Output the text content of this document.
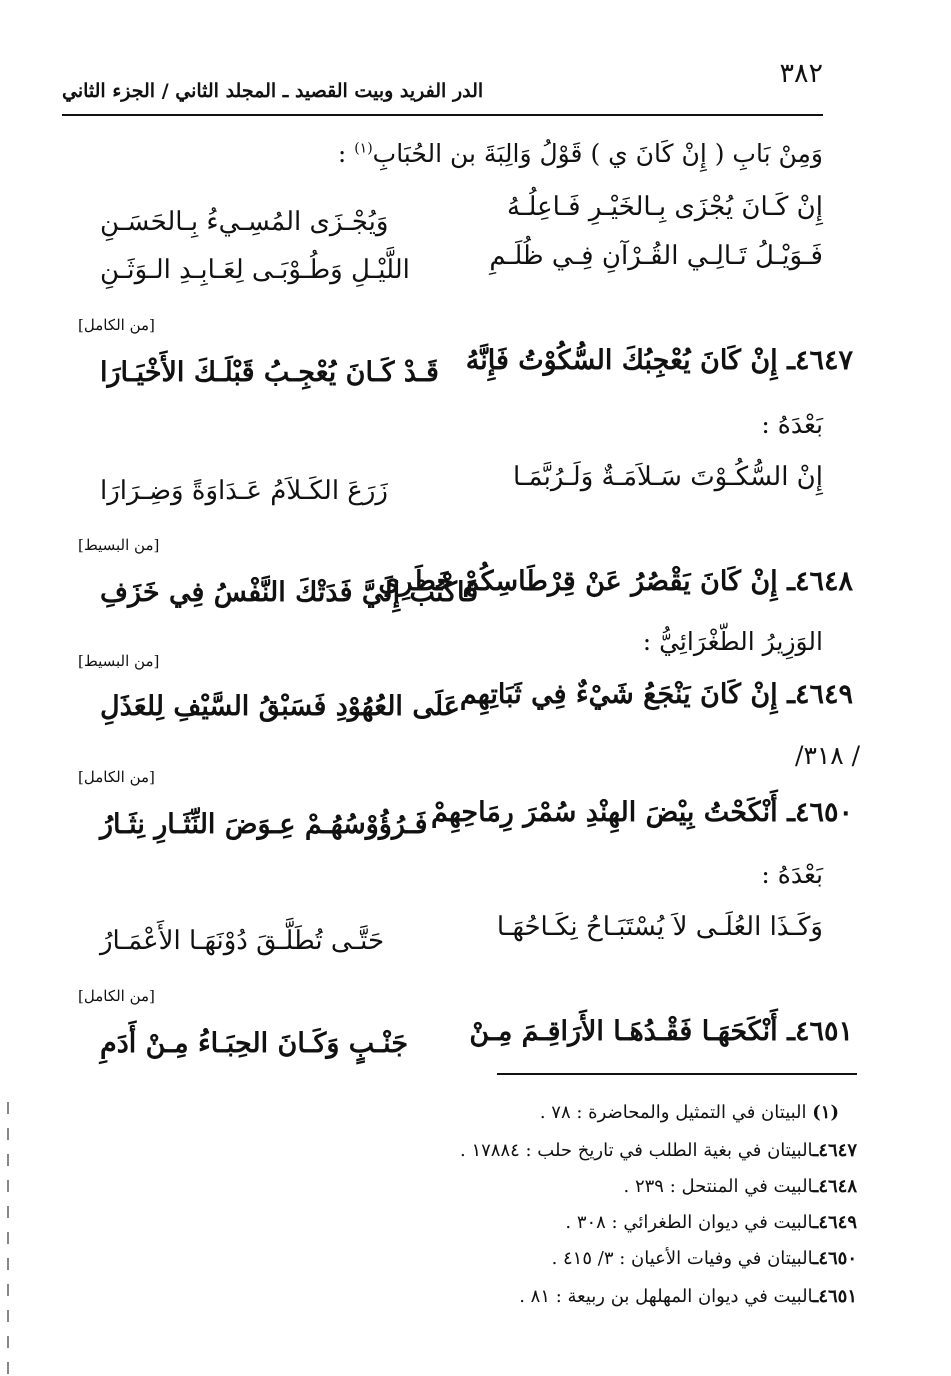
٣٨٢
الدر الفريد وبيت القصيد ـ المجلد الثاني / الجزء الثاني
وَمِنْ بَابِ ( إِنْ كَانَ ي ) قَوْلُ وَالِبَةَ بن الحُبَابِ$^{(١)}$ :
إِنْ كَـانَ يُجْزَى بِـالخَيْـرِ فَـاعِلُـهُ
وَيُجْـزَى المُسِـيءُ بِـالحَسَـنِ
فَـوَيْـلُ تَـالِـي القُـرْآنِ فِـي ظُلَـمِ
اللَّيْـلِ وَطُـوْبَـى لِعَـابِـدِ الـوَثَـنِ
[من الكامل]
٤٦٤٧ـ إِنْ كَانَ يُعْجِبُكَ السُّكُوْتُ فَإِنَّهُ
قَـدْ كَـانَ يُعْجِـبُ قَبْلَـكَ الأَخْيَـارَا
بَعْدَهُ :
إِنْ السُّكُـوْتَ سَـلاَمَـةٌ وَلَـرُبَّمَـا
زَرَعَ الكَـلاَمُ عَـدَاوَةً وَضِـرَارَا
[من البسيط]
٤٦٤٨ـ إِنْ كَانَ يَقْصُرُ عَنْ قِرْطَاسِكُمْ خَطَرِي
فَاكْتُبْ إِلَيَّ فَدَتْكَ النَّفْسُ فِي خَزَفِ
الوَزِيرُ الطّغْرَائِيُّ :
[من البسيط]
٤٦٤٩ـ إِنْ كَانَ يَنْجَعُ شَيْءٌ فِي ثَبَاتِهِم
عَلَى العُهُوْدِ فَسَبْقُ السَّيْفِ لِلعَذَلِ
/ ٣١٨/
[من الكامل]
٤٦٥٠ـ أَنْكَحْتُ بِيْضَ الهِنْدِ سُمْرَ رِمَاحِهِمْ
فَـرُؤُوْسُهُـمْ عِـوَضَ النِّثَـارِ نِثَـارُ
بَعْدَهُ :
وَكَـذَا العُلَـى لاَ يُسْتَبَـاحُ نِكَـاحُهَـا
حَتَّـى تُطَلَّـقَ دُوْنَهَـا الأَعْمَـارُ
[من الكامل]
٤٦٥١ـ أَنْكَحَهَـا فَقْـدُهَـا الأَرَاقِـمَ مِـنْ
جَنْـبٍ وَكَـانَ الحِبَـاءُ مِـنْ أَدَمِ
(١) البيتان في التمثيل والمحاضرة : ٧٨ .
٤٦٤٧ـالبيتان في بغية الطلب في تاريخ حلب : ١٧٨٨٤ .
٤٦٤٨ـالبيت في المنتحل : ٢٣٩ .
٤٦٤٩ـالبيت في ديوان الطغرائي : ٣٠٨ .
٤٦٥٠ـالبيتان في وفيات الأعيان : ٣/ ٤١٥ .
٤٦٥١ـالبيت في ديوان المهلهل بن ربيعة : ٨١ .
